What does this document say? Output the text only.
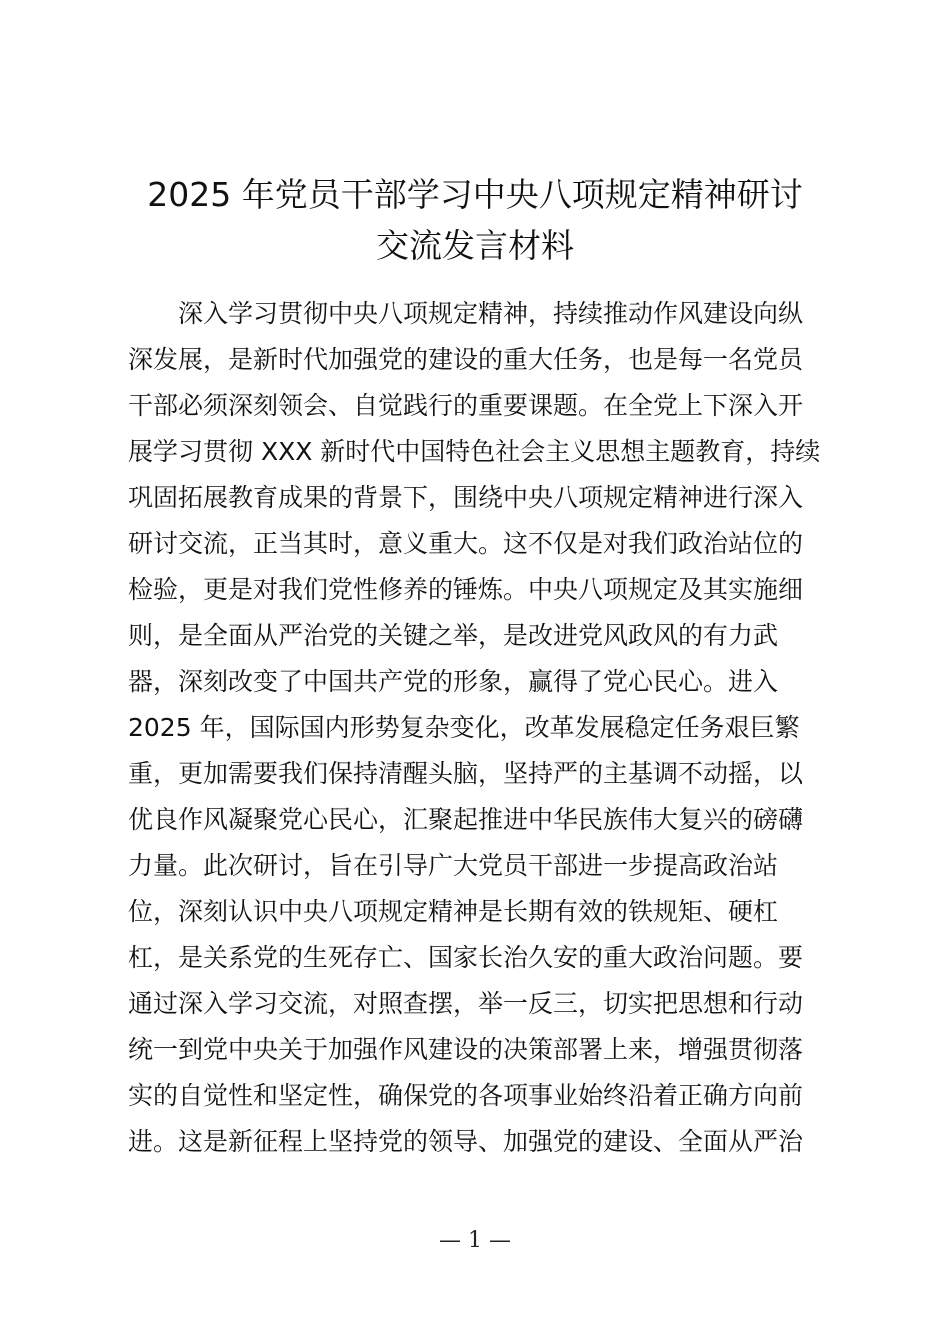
2025 年党员干部学习中央八项规定精神研讨
交流发言材料
深入学习贯彻中央八项规定精神，持续推动作风建设向纵
深发展，是新时代加强党的建设的重大任务，也是每一名党员
干部必须深刻领会、自觉践行的重要课题。在全党上下深入开
展学习贯彻 XXX 新时代中国特色社会主义思想主题教育，持续
巩固拓展教育成果的背景下，围绕中央八项规定精神进行深入
研讨交流，正当其时，意义重大。这不仅是对我们政治站位的
检验，更是对我们党性修养的锤炼。中央八项规定及其实施细
则，是全面从严治党的关键之举，是改进党风政风的有力武
器，深刻改变了中国共产党的形象，赢得了党心民心。进入
2025 年，国际国内形势复杂变化，改革发展稳定任务艰巨繁
重，更加需要我们保持清醒头脑，坚持严的主基调不动摇，以
优良作风凝聚党心民心，汇聚起推进中华民族伟大复兴的磅礴
力量。此次研讨，旨在引导广大党员干部进一步提高政治站
位，深刻认识中央八项规定精神是长期有效的铁规矩、硬杠
杠，是关系党的生死存亡、国家长治久安的重大政治问题。要
通过深入学习交流，对照查摆，举一反三，切实把思想和行动
统一到党中央关于加强作风建设的决策部署上来，增强贯彻落
实的自觉性和坚定性，确保党的各项事业始终沿着正确方向前
进。这是新征程上坚持党的领导、加强党的建设、全面从严治
— 1 —
